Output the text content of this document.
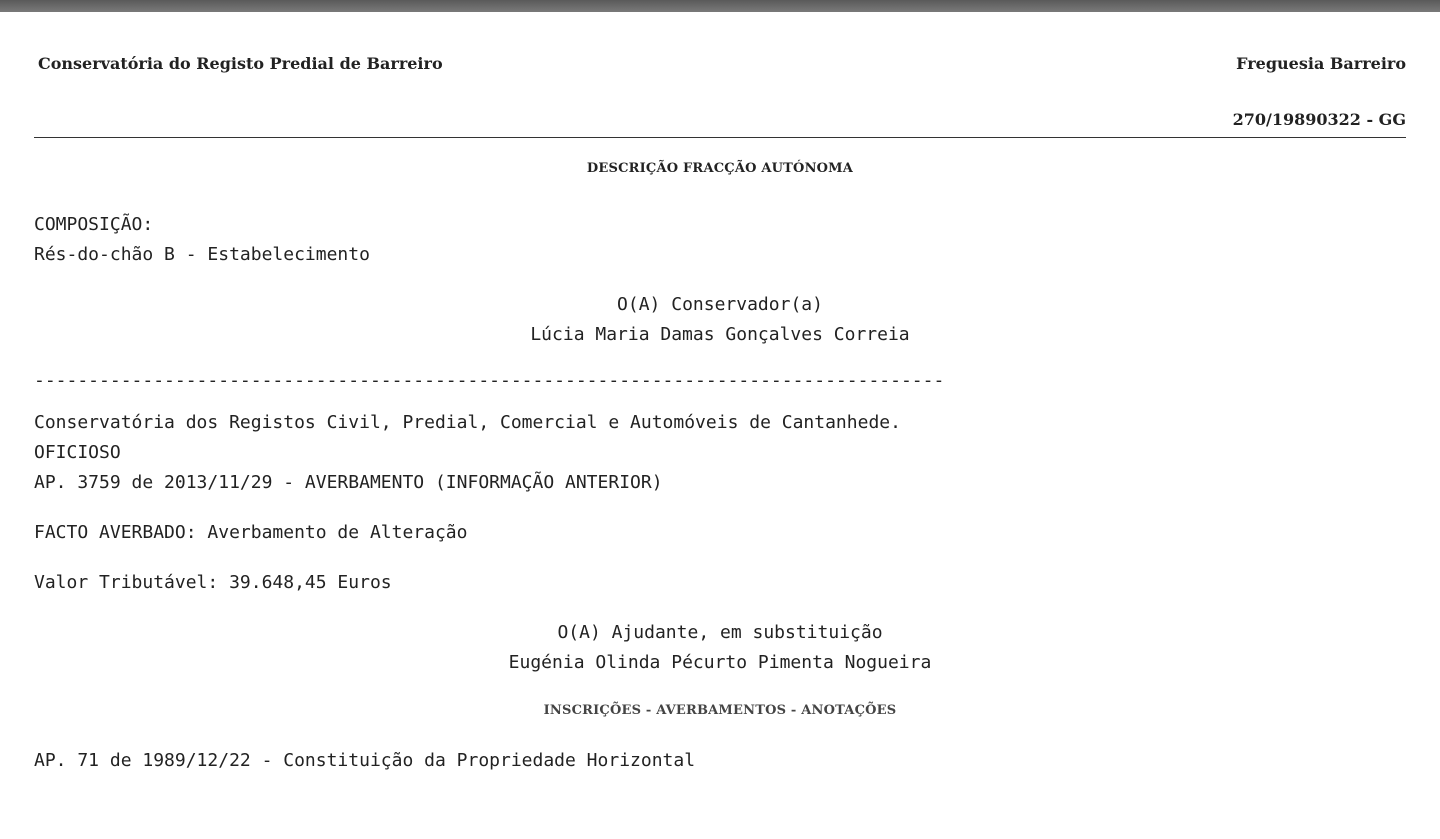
Conservatória do Registo Predial de Barreiro	Freguesia Barreiro
270/19890322 - GG
DESCRIÇÃO FRACÇÃO AUTÓNOMA
COMPOSIÇÃO:
Rés-do-chão B - Estabelecimento
O(A) Conservador(a)
Lúcia Maria Damas Gonçalves Correia
------------------------------------------------------------------------------------
Conservatória dos Registos Civil, Predial, Comercial e Automóveis de Cantanhede.
OFICIOSO
AP. 3759 de 2013/11/29 - AVERBAMENTO (INFORMAÇÃO ANTERIOR)
FACTO AVERBADO: Averbamento de Alteração
Valor Tributável: 39.648,45 Euros
O(A) Ajudante, em substituição
Eugénia Olinda Pécurto Pimenta Nogueira
INSCRIÇÕES - AVERBAMENTOS - ANOTAÇÕES
AP. 71 de 1989/12/22 - Constituição da Propriedade Horizontal
